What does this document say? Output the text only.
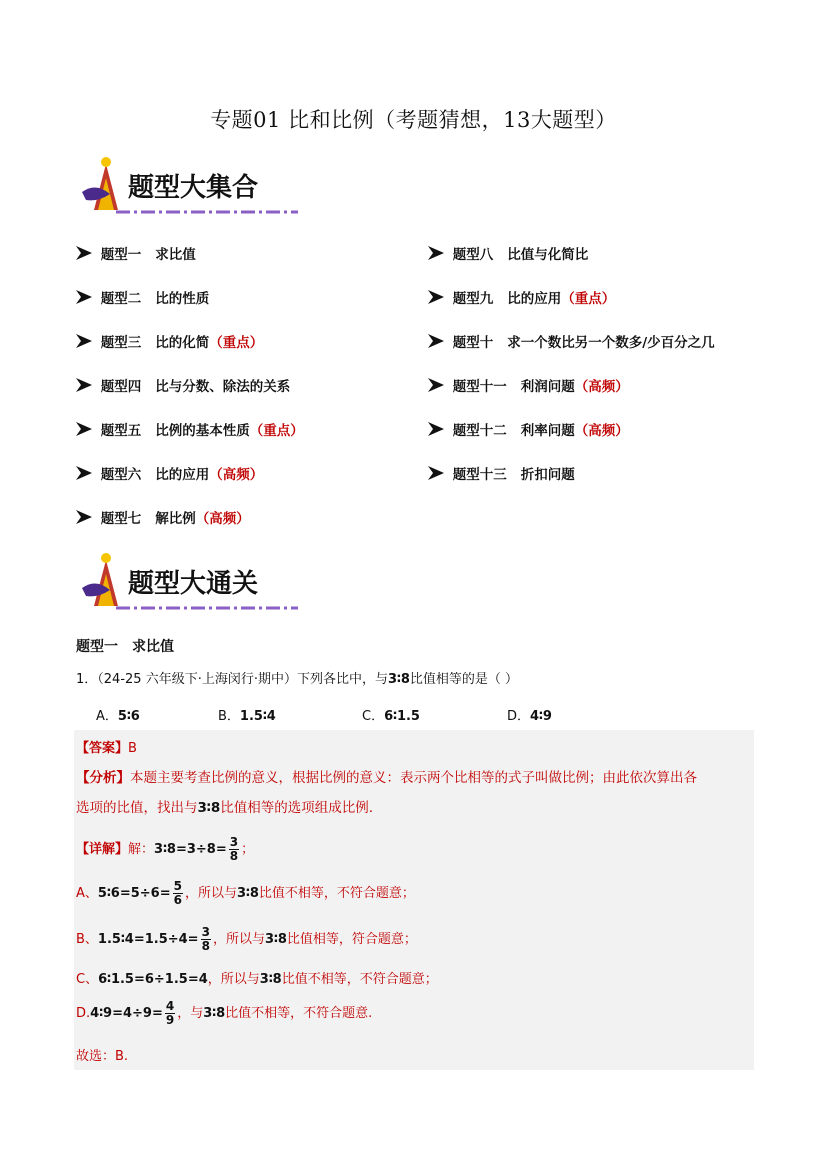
专题01 比和比例（考题猜想，13大题型）
题型大集合
题型一 求比值
题型二 比的性质
题型三 比的化简（重点）
题型四 比与分数、除法的关系
题型五 比例的基本性质（重点）
题型六 比的应用（高频）
题型七 解比例（高频）
题型八 比值与化简比
题型九 比的应用（重点）
题型十 求一个数比另一个数多/少百分之几
题型十一 利润问题（高频）
题型十二 利率问题（高频）
题型十三 折扣问题
题型大通关
题型一 求比值
1．（24-25 六年级下·上海闵行·期中）下列各比中，与3∶8比值相等的是（ ）
A．5∶6	B．1.5∶4	C．6∶1.5	D．4∶9
【答案】B
【分析】本题主要考查比例的意义，根据比例的意义：表示两个比相等的式子叫做比例；由此依次算出各
选项的比值，找出与3∶8比值相等的选项组成比例.
【详解】解：3∶8=3÷8= $\frac{3}{8}$ ；
A、5∶6=5÷6= $\frac{5}{6}$ ，所以与3∶8比值不相等，不符合题意；
B、1.5∶4=1.5÷4= $\frac{3}{8}$ ，所以与3∶8比值相等，符合题意；
C、6∶1.5=6÷1.5=4，所以与3∶8比值不相等，不符合题意；
D.4∶9=4÷9= $\frac{4}{9}$ ，与3∶8比值不相等，不符合题意.
故选：B.
